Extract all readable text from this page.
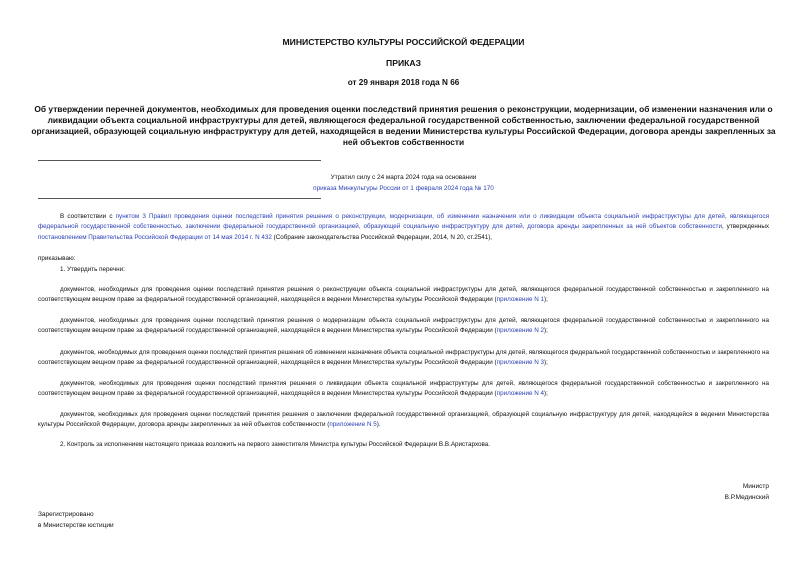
МИНИСТЕРСТВО КУЛЬТУРЫ РОССИЙСКОЙ ФЕДЕРАЦИИ
ПРИКАЗ
от 29 января 2018 года N 66
Об утверждении перечней документов, необходимых для проведения оценки последствий принятия решения о реконструкции, модернизации, об изменении назначения или о ликвидации объекта социальной инфраструктуры для детей, являющегося федеральной государственной собственностью, заключении федеральной государственной организацией, образующей социальную инфраструктуру для детей, находящейся в ведении Министерства культуры Российской Федерации, договора аренды закрепленных за ней объектов собственности
Утратил силу с 24 марта 2024 года на основании
приказа Минкультуры России от 1 февраля 2024 года № 170
В соответствии с пунктом 3 Правил проведения оценки последствий принятия решения о реконструкции, модернизации, об изменении назначения или о ликвидации объекта социальной инфраструктуры для детей, являющегося федеральной государственной собственностью, заключении федеральной государственной организацией, образующей социальную инфраструктуру для детей, договора аренды закрепленных за ней объектов собственности, утвержденных постановлением Правительства Российской Федерации от 14 мая 2014 г. N 432 (Собрание законодательства Российской Федерации, 2014, N 20, ст.2541),
приказываю:
1. Утвердить перечни:
документов, необходимых для проведения оценки последствий принятия решения о реконструкции объекта социальной инфраструктуры для детей, являющегося федеральной государственной собственностью и закрепленного на соответствующем вещном праве за федеральной государственной организацией, находящейся в ведении Министерства культуры Российской Федерации (приложение N 1);
документов, необходимых для проведения оценки последствий принятия решения о модернизации объекта социальной инфраструктуры для детей, являющегося федеральной государственной собственностью и закрепленного на соответствующем вещном праве за федеральной государственной организацией, находящейся в ведении Министерства культуры Российской Федерации (приложение N 2);
документов, необходимых для проведения оценки последствий принятия решения об изменении назначения объекта социальной инфраструктуры для детей, являющегося федеральной государственной собственностью и закрепленного на соответствующем вещном праве за федеральной государственной организацией, находящейся в ведении Министерства культуры Российской Федерации (приложение N 3);
документов, необходимых для проведения оценки последствий принятия решения о ликвидации объекта социальной инфраструктуры для детей, являющегося федеральной государственной собственностью и закрепленного на соответствующем вещном праве за федеральной государственной организацией, находящейся в ведении Министерства культуры Российской Федерации (приложение N 4);
документов, необходимых для проведения оценки последствий принятия решения о заключении федеральной государственной организацией, образующей социальную инфраструктуру для детей, находящейся в ведении Министерства культуры Российской Федерации, договора аренды закрепленных за ней объектов собственности (приложение N 5).
2. Контроль за исполнением настоящего приказа возложить на первого заместителя Министра культуры Российской Федерации В.В.Аристархова.
Министр
В.Р.Мединский
Зарегистрировано
в Министерстве юстиции
